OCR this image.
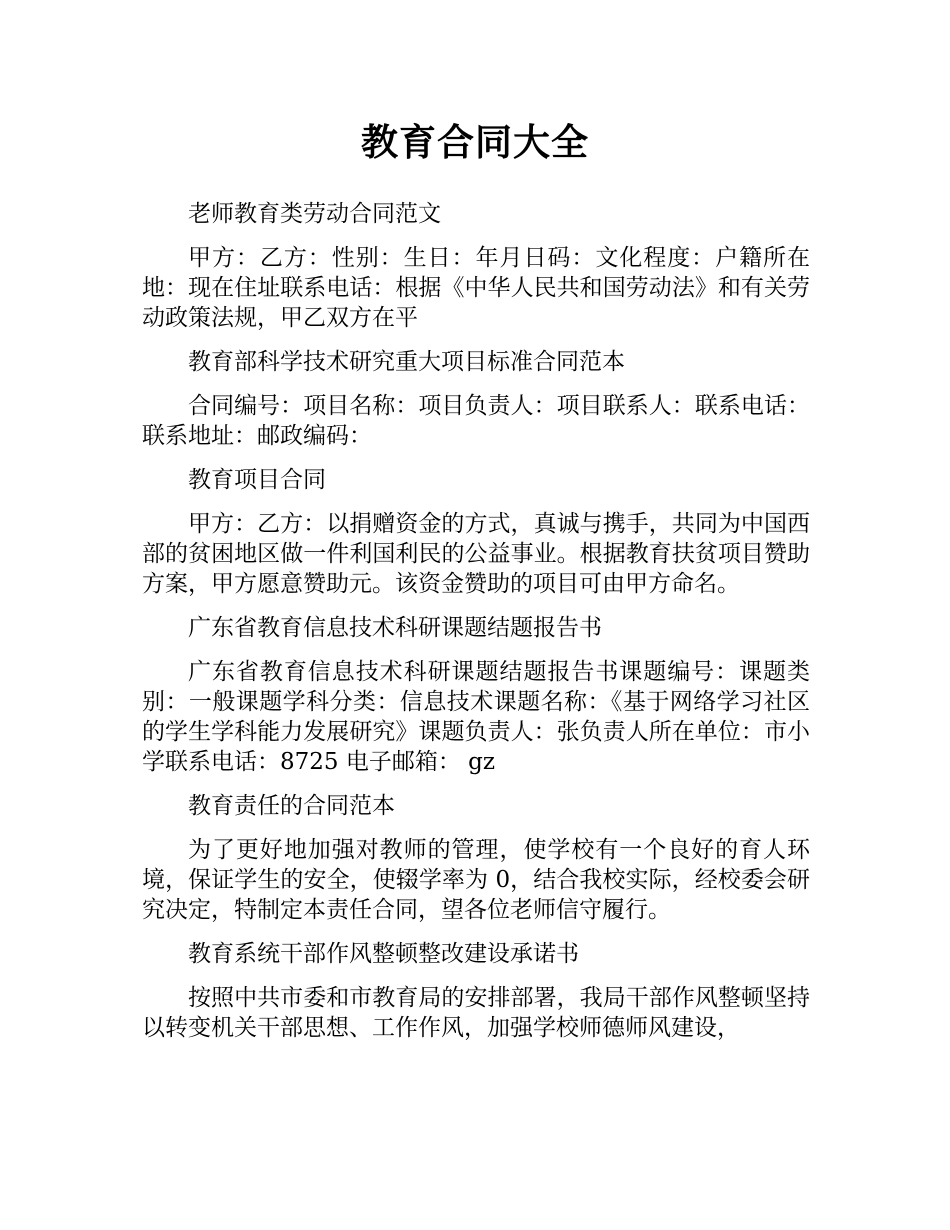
教育合同大全

老师教育类劳动合同范文

甲方：乙方：性别：生日：年月日码：文化程度：户籍所在地：现在住址联系电话：根据《中华人民共和国劳动法》和有关劳动政策法规，甲乙双方在平

教育部科学技术研究重大项目标准合同范本

合同编号：项目名称：项目负责人：项目联系人：联系电话：联系地址：邮政编码：

教育项目合同

甲方：乙方：以捐赠资金的方式，真诚与携手，共同为中国西部的贫困地区做一件利国利民的公益事业。根据教育扶贫项目赞助方案，甲方愿意赞助元。该资金赞助的项目可由甲方命名。

广东省教育信息技术科研课题结题报告书

广东省教育信息技术科研课题结题报告书课题编号：课题类别：一般课题学科分类：信息技术课题名称：《基于网络学习社区的学生学科能力发展研究》课题负责人：张负责人所在单位：市小学联系电话：8725 电子邮箱： gz

教育责任的合同范本

为了更好地加强对教师的管理，使学校有一个良好的育人环境，保证学生的安全，使辍学率为 0，结合我校实际，经校委会研究决定，特制定本责任合同，望各位老师信守履行。

教育系统干部作风整顿整改建设承诺书

按照中共市委和市教育局的安排部署，我局干部作风整顿坚持以转变机关干部思想、工作作风，加强学校师德师风建设，
